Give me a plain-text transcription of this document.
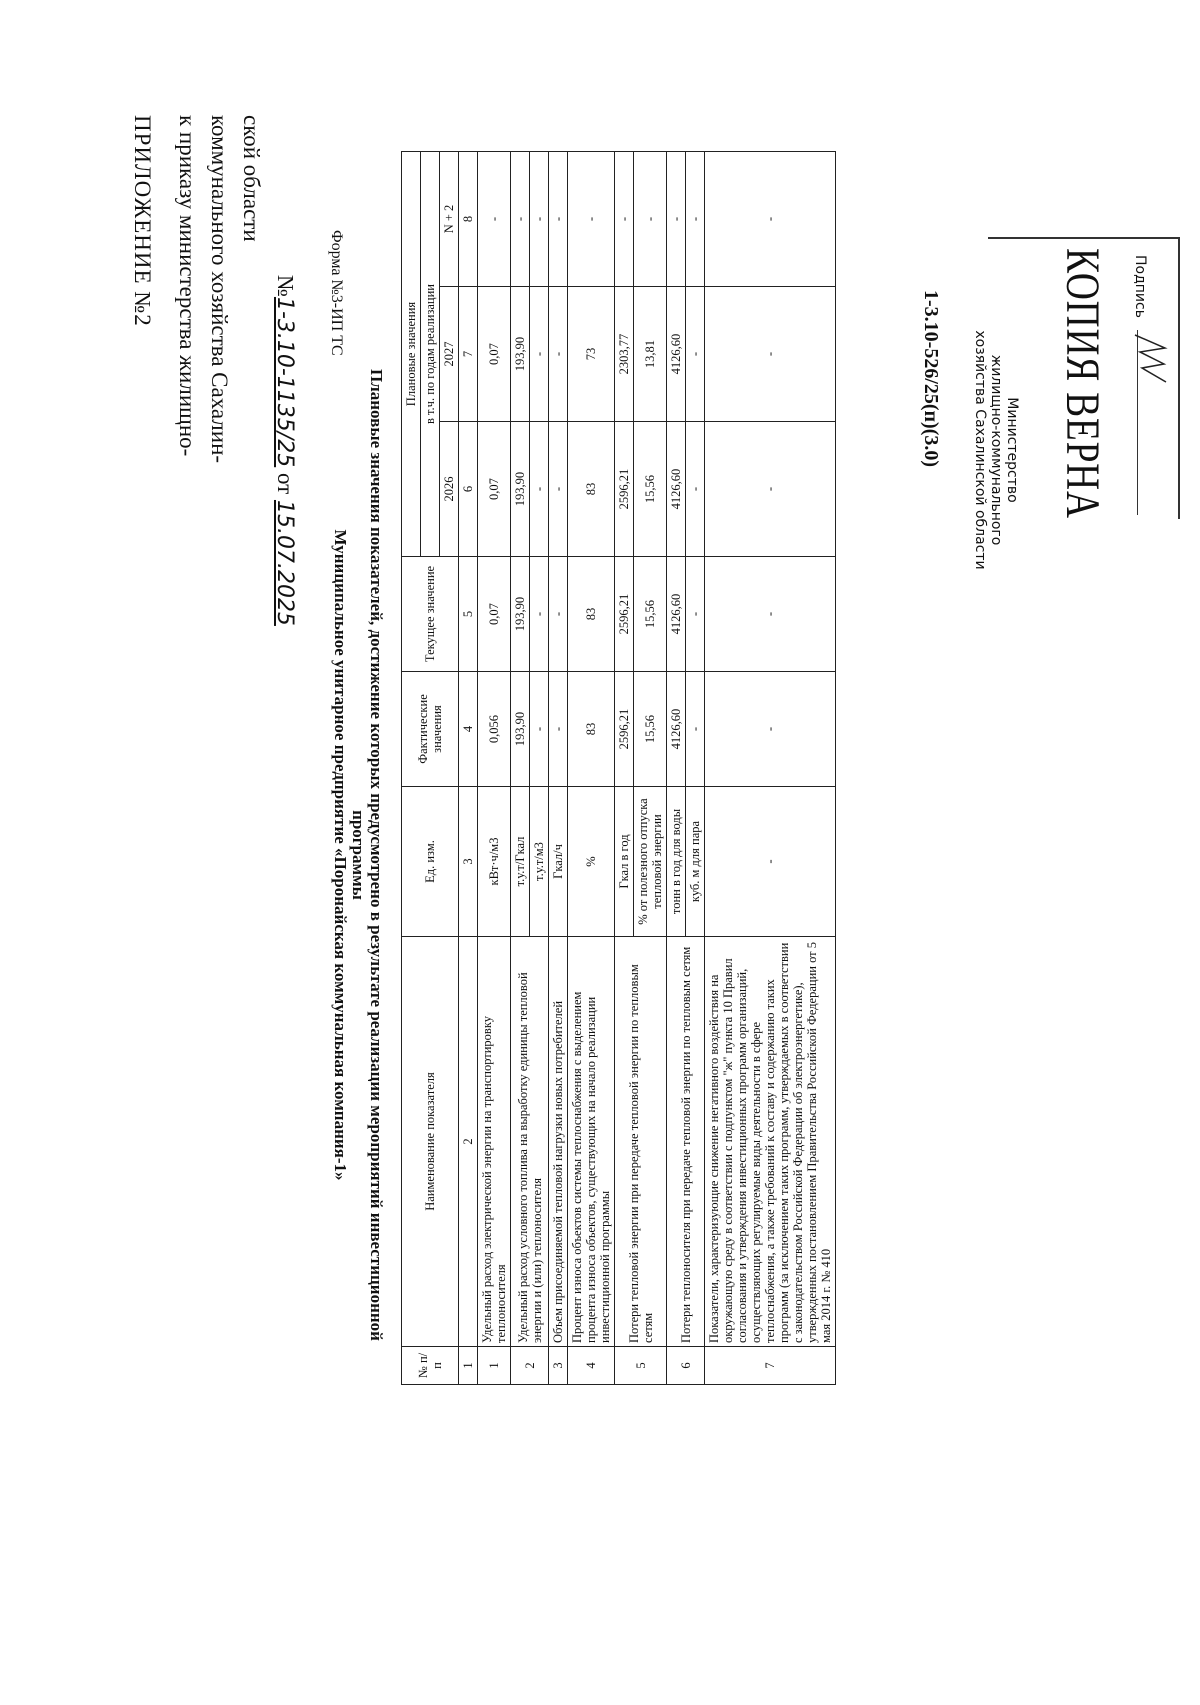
ПРИЛОЖЕНИЕ №2 к приказу министерства жилищно- коммунального хозяйства Сахалин- ской области
№1-3.10-1135/25 от 15.07.2025
Форма №3-ИП ТС
Плановые значения показателей, достижение которых предусмотрено в результате реализации мероприятий инвестиционной программы
Муниципальное унитарное предприятие «Поронайская коммунальная компания-1»
№ п/п	Наименование показателя	Ед. изм.	Фактические значения	Текущее значение	Плановые значения		
					в т.ч. по годам реализации		
					2026	2027	N + 2
1	2	3	4	5	6	7	8
1	Удельный расход электрической энергии на транспортировку теплоносителя	кВт·ч/м3	0,056	0,07	0,07	0,07	-
2	Удельный расход условного топлива на выработку единицы тепловой энергии и (или) теплоносителя	т.у.т/Гкал	193,90	193,90	193,90	193,90	-
		т.у.т/м3	-	-	-	-	-
3	Объем присоединяемой тепловой нагрузки новых потребителей	Гкал/ч	-	-	-	-	-
4	Процент износа объектов системы теплоснабжения с выделением процента износа объектов, существующих на начало реализации инвестиционной программы	%	83	83	83	73	-
5	Потери тепловой энергии при передаче тепловой энергии по тепловым сетям	Гкал в год	2596,21	2596,21	2596,21	2303,77	-
		% от полезного отпуска тепловой энергии	15,56	15,56	15,56	13,81	-
6	Потери теплоносителя при передаче тепловой энергии по тепловым сетям	тонн в год для воды	4126,60	4126,60	4126,60	4126,60	-
		куб. м для пара	-	-	-	-	-
7	Показатели, характеризующие снижение негативного воздействия на окружающую среду в соответствии с подпунктом "ж" пункта 10 Правил согласования и утверждения инвестиционных программ организаций, осуществляющих регулируемые виды деятельности в сфере теплоснабжения, а также требований к составу и содержанию таких программ (за исключением таких программ, утверждаемых в соответствии с законодательством Российской Федерации об электроэнергетике), утвержденных постановлением Правительства Российской Федерации от 5 мая 2014 г. № 410	-	-	-	-	-	-
Министерство
жилищно-коммунального
хозяйства Сахалинской области КОПИЯ ВЕРНА Подпись
1-3.10-526/25(п)(3.0)
